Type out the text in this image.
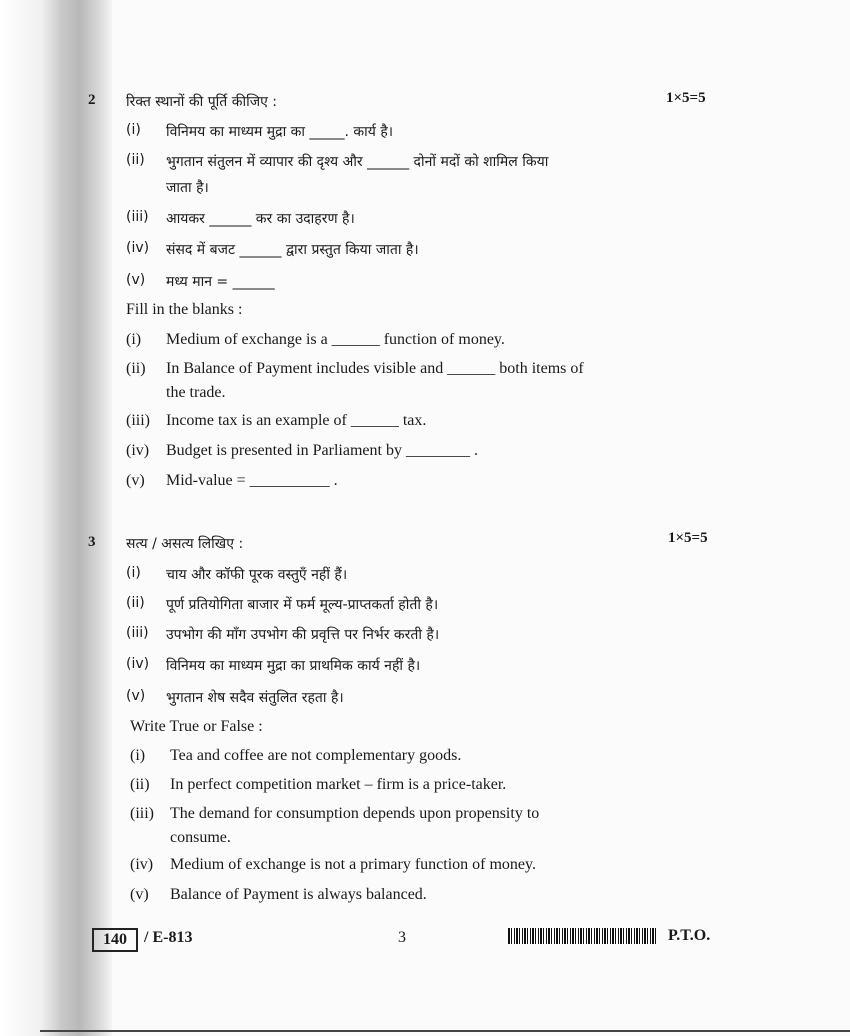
2 रिक्त स्थानों की पूर्ति कीजिए :	1×5=5
(i)	विनिमय का माध्यम मुद्रा का _____. कार्य है।
(ii)	भुगतान संतुलन में व्यापार की दृश्य और ______ दोनों मदों को शामिल किया
जाता है।
(iii)	आयकर ______ कर का उदाहरण है।
(iv)	संसद में बजट ______ द्वारा प्रस्तुत किया जाता है।
(v)	मध्य मान = ______
Fill in the blanks :
(i)	Medium of exchange is a ______ function of money.
(ii)	In Balance of Payment includes visible and ______ both items of
the trade.
(iii)	Income tax is an example of ______ tax.
(iv)	Budget is presented in Parliament by ________ .
(v)	Mid-value = __________ .
3 सत्य / असत्य लिखिए :	1×5=5
(i)	चाय और कॉफी पूरक वस्तुएँ नहीं हैं।
(ii)	पूर्ण प्रतियोगिता बाजार में फर्म मूल्य-प्राप्तकर्ता होती है।
(iii)	उपभोग की माँग उपभोग की प्रवृत्ति पर निर्भर करती है।
(iv)	विनिमय का माध्यम मुद्रा का प्राथमिक कार्य नहीं है।
(v)	भुगतान शेष सदैव संतुलित रहता है।
Write True or False :
(i)	Tea and coffee are not complementary goods.
(ii)	In perfect competition market – firm is a price-taker.
(iii)	The demand for consumption depends upon propensity to
consume.
(iv)	Medium of exchange is not a primary function of money.
(v)	Balance of Payment is always balanced.
140	/ E-813	3	P.T.O.
